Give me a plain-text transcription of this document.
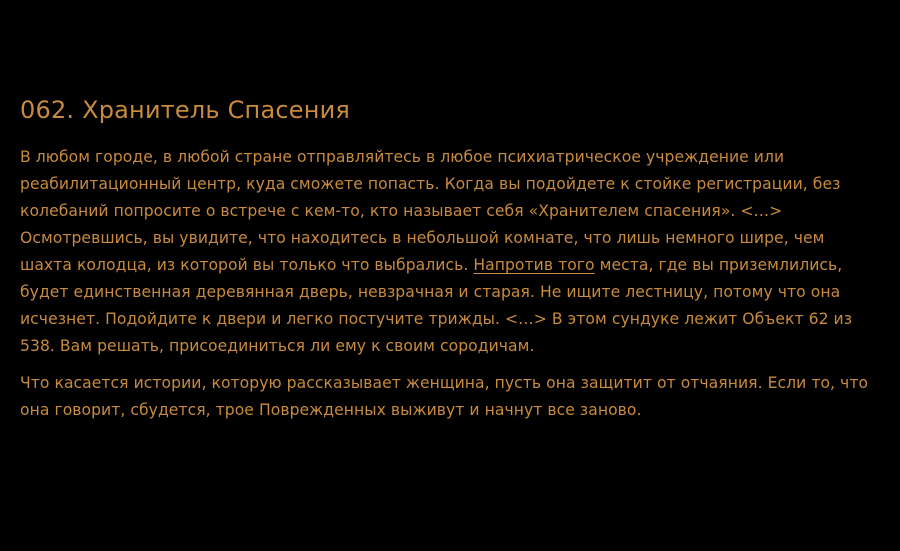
062. Хранитель Спасения

В любом городе, в любой стране отправляйтесь в любое психиатрическое учреждение или
реабилитационный центр, куда сможете попасть. Когда вы подойдете к стойке регистрации, без
колебаний попросите о встрече с кем-то, кто называет себя «Хранителем спасения». <…>
Осмотревшись, вы увидите, что находитесь в небольшой комнате, что лишь немного шире, чем
шахта колодца, из которой вы только что выбрались. Напротив того места, где вы приземлились,
будет единственная деревянная дверь, невзрачная и старая. Не ищите лестницу, потому что она
исчезнет. Подойдите к двери и легко постучите трижды. <…> В этом сундуке лежит Объект 62 из
538. Вам решать, присоединиться ли ему к своим сородичам.

Что касается истории, которую рассказывает женщина, пусть она защитит от отчаяния. Если то, что
она говорит, сбудется, трое Поврежденных выживут и начнут все заново.
